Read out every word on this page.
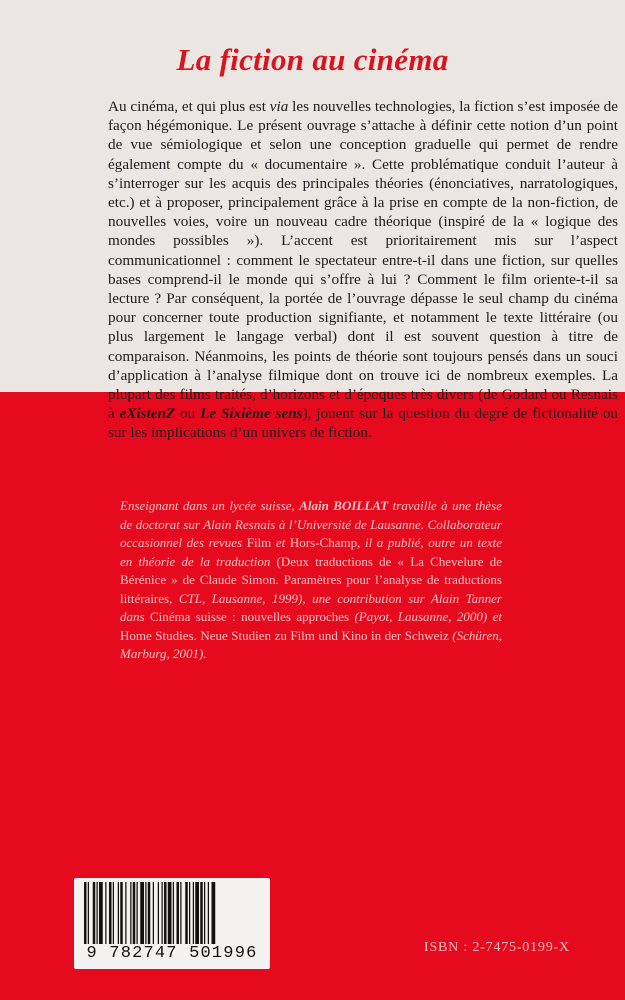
La fiction au cinéma
Au cinéma, et qui plus est via les nouvelles technologies, la fiction s’est imposée de façon hégémonique. Le présent ouvrage s’attache à définir cette notion d’un point de vue sémiologique et selon une conception graduelle qui permet de rendre également compte du « documentaire ». Cette problématique conduit l’auteur à s’interroger sur les acquis des principales théories (énonciatives, narratologiques, etc.) et à proposer, principalement grâce à la prise en compte de la non-fiction, de nouvelles voies, voire un nouveau cadre théorique (inspiré de la « logique des mondes possibles »). L’accent est prioritairement mis sur l’aspect communicationnel : comment le spectateur entre-t-il dans une fiction, sur quelles bases comprend-il le monde qui s’offre à lui ? Comment le film oriente-t-il sa lecture ? Par conséquent, la portée de l’ouvrage dépasse le seul champ du cinéma pour concerner toute production signifiante, et notamment le texte littéraire (ou plus largement le langage verbal) dont il est souvent question à titre de comparaison. Néanmoins, les points de théorie sont toujours pensés dans un souci d’application à l’analyse filmique dont on trouve ici de nombreux exemples. La plupart des films traités, d’horizons et d’époques très divers (de Godard ou Resnais à eXistenZ ou Le Sixième sens), jouent sur la question du degré de fictionalité ou sur les implications d’un univers de fiction.
Enseignant dans un lycée suisse, Alain BOILLAT travaille à une thèse de doctorat sur Alain Resnais à l’Université de Lausanne. Collaborateur occasionnel des revues Film et Hors-Champ, il a publié, outre un texte en théorie de la traduction (Deux traductions de « La Chevelure de Bérénice » de Claude Simon. Paramètres pour l’analyse de traductions littéraires, CTL, Lausanne, 1999), une contribution sur Alain Tanner dans Cinéma suisse : nouvelles approches (Payot, Lausanne, 2000) et Home Studies. Neue Studien zu Film und Kino in der Schweiz (Schüren, Marburg, 2001).
9 782747 501996	ISBN : 2-7475-0199-X
